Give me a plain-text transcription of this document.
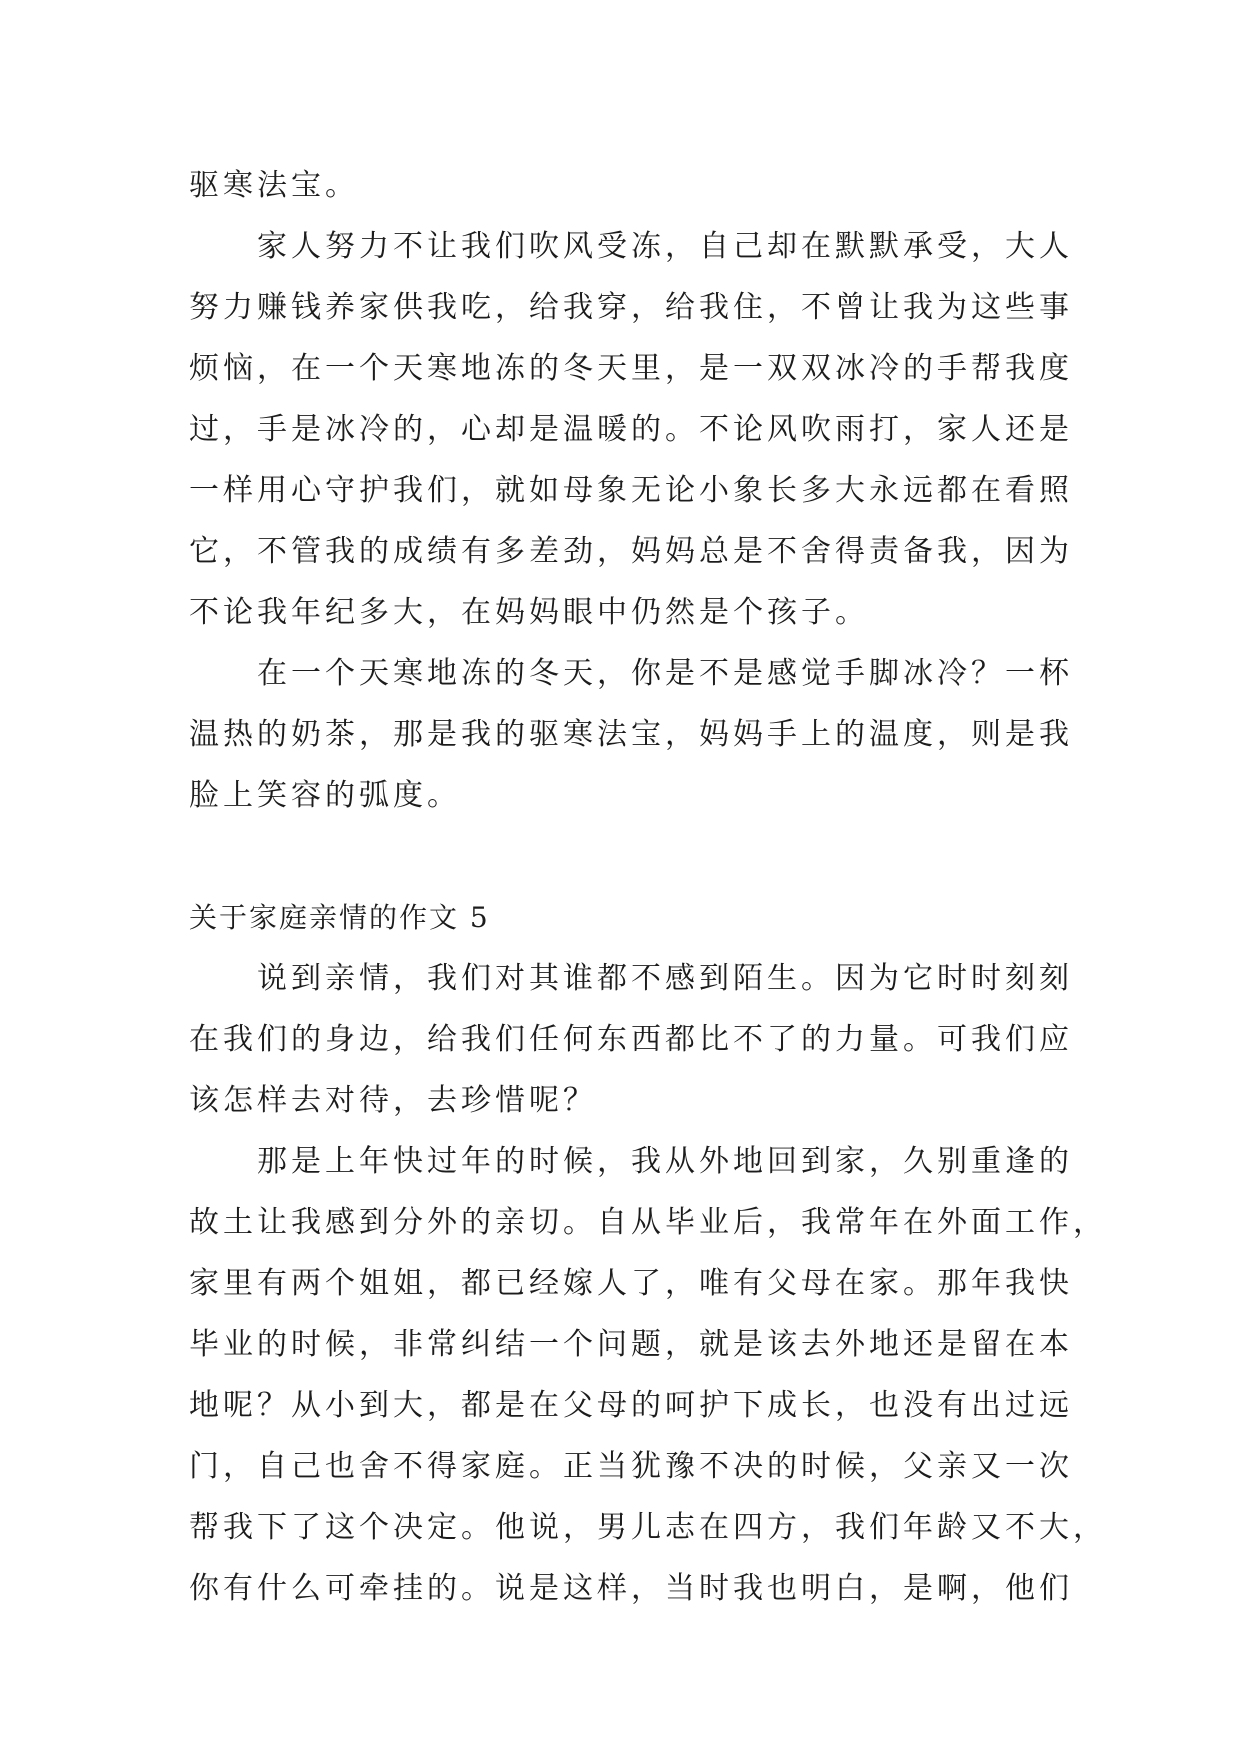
驱寒法宝。
家人努力不让我们吹风受冻，自己却在默默承受，大人
努力赚钱养家供我吃，给我穿，给我住，不曾让我为这些事
烦恼，在一个天寒地冻的冬天里，是一双双冰冷的手帮我度
过，手是冰冷的，心却是温暖的。不论风吹雨打，家人还是
一样用心守护我们，就如母象无论小象长多大永远都在看照
它，不管我的成绩有多差劲，妈妈总是不舍得责备我，因为
不论我年纪多大，在妈妈眼中仍然是个孩子。
在一个天寒地冻的冬天，你是不是感觉手脚冰冷？一杯
温热的奶茶，那是我的驱寒法宝，妈妈手上的温度，则是我
脸上笑容的弧度。
关于家庭亲情的作文 5
说到亲情，我们对其谁都不感到陌生。因为它时时刻刻
在我们的身边，给我们任何东西都比不了的力量。可我们应
该怎样去对待，去珍惜呢？
那是上年快过年的时候，我从外地回到家，久别重逢的
故土让我感到分外的亲切。自从毕业后，我常年在外面工作，
家里有两个姐姐，都已经嫁人了，唯有父母在家。那年我快
毕业的时候，非常纠结一个问题，就是该去外地还是留在本
地呢？从小到大，都是在父母的呵护下成长，也没有出过远
门，自己也舍不得家庭。正当犹豫不决的时候，父亲又一次
帮我下了这个决定。他说，男儿志在四方，我们年龄又不大，
你有什么可牵挂的。说是这样，当时我也明白，是啊，他们
